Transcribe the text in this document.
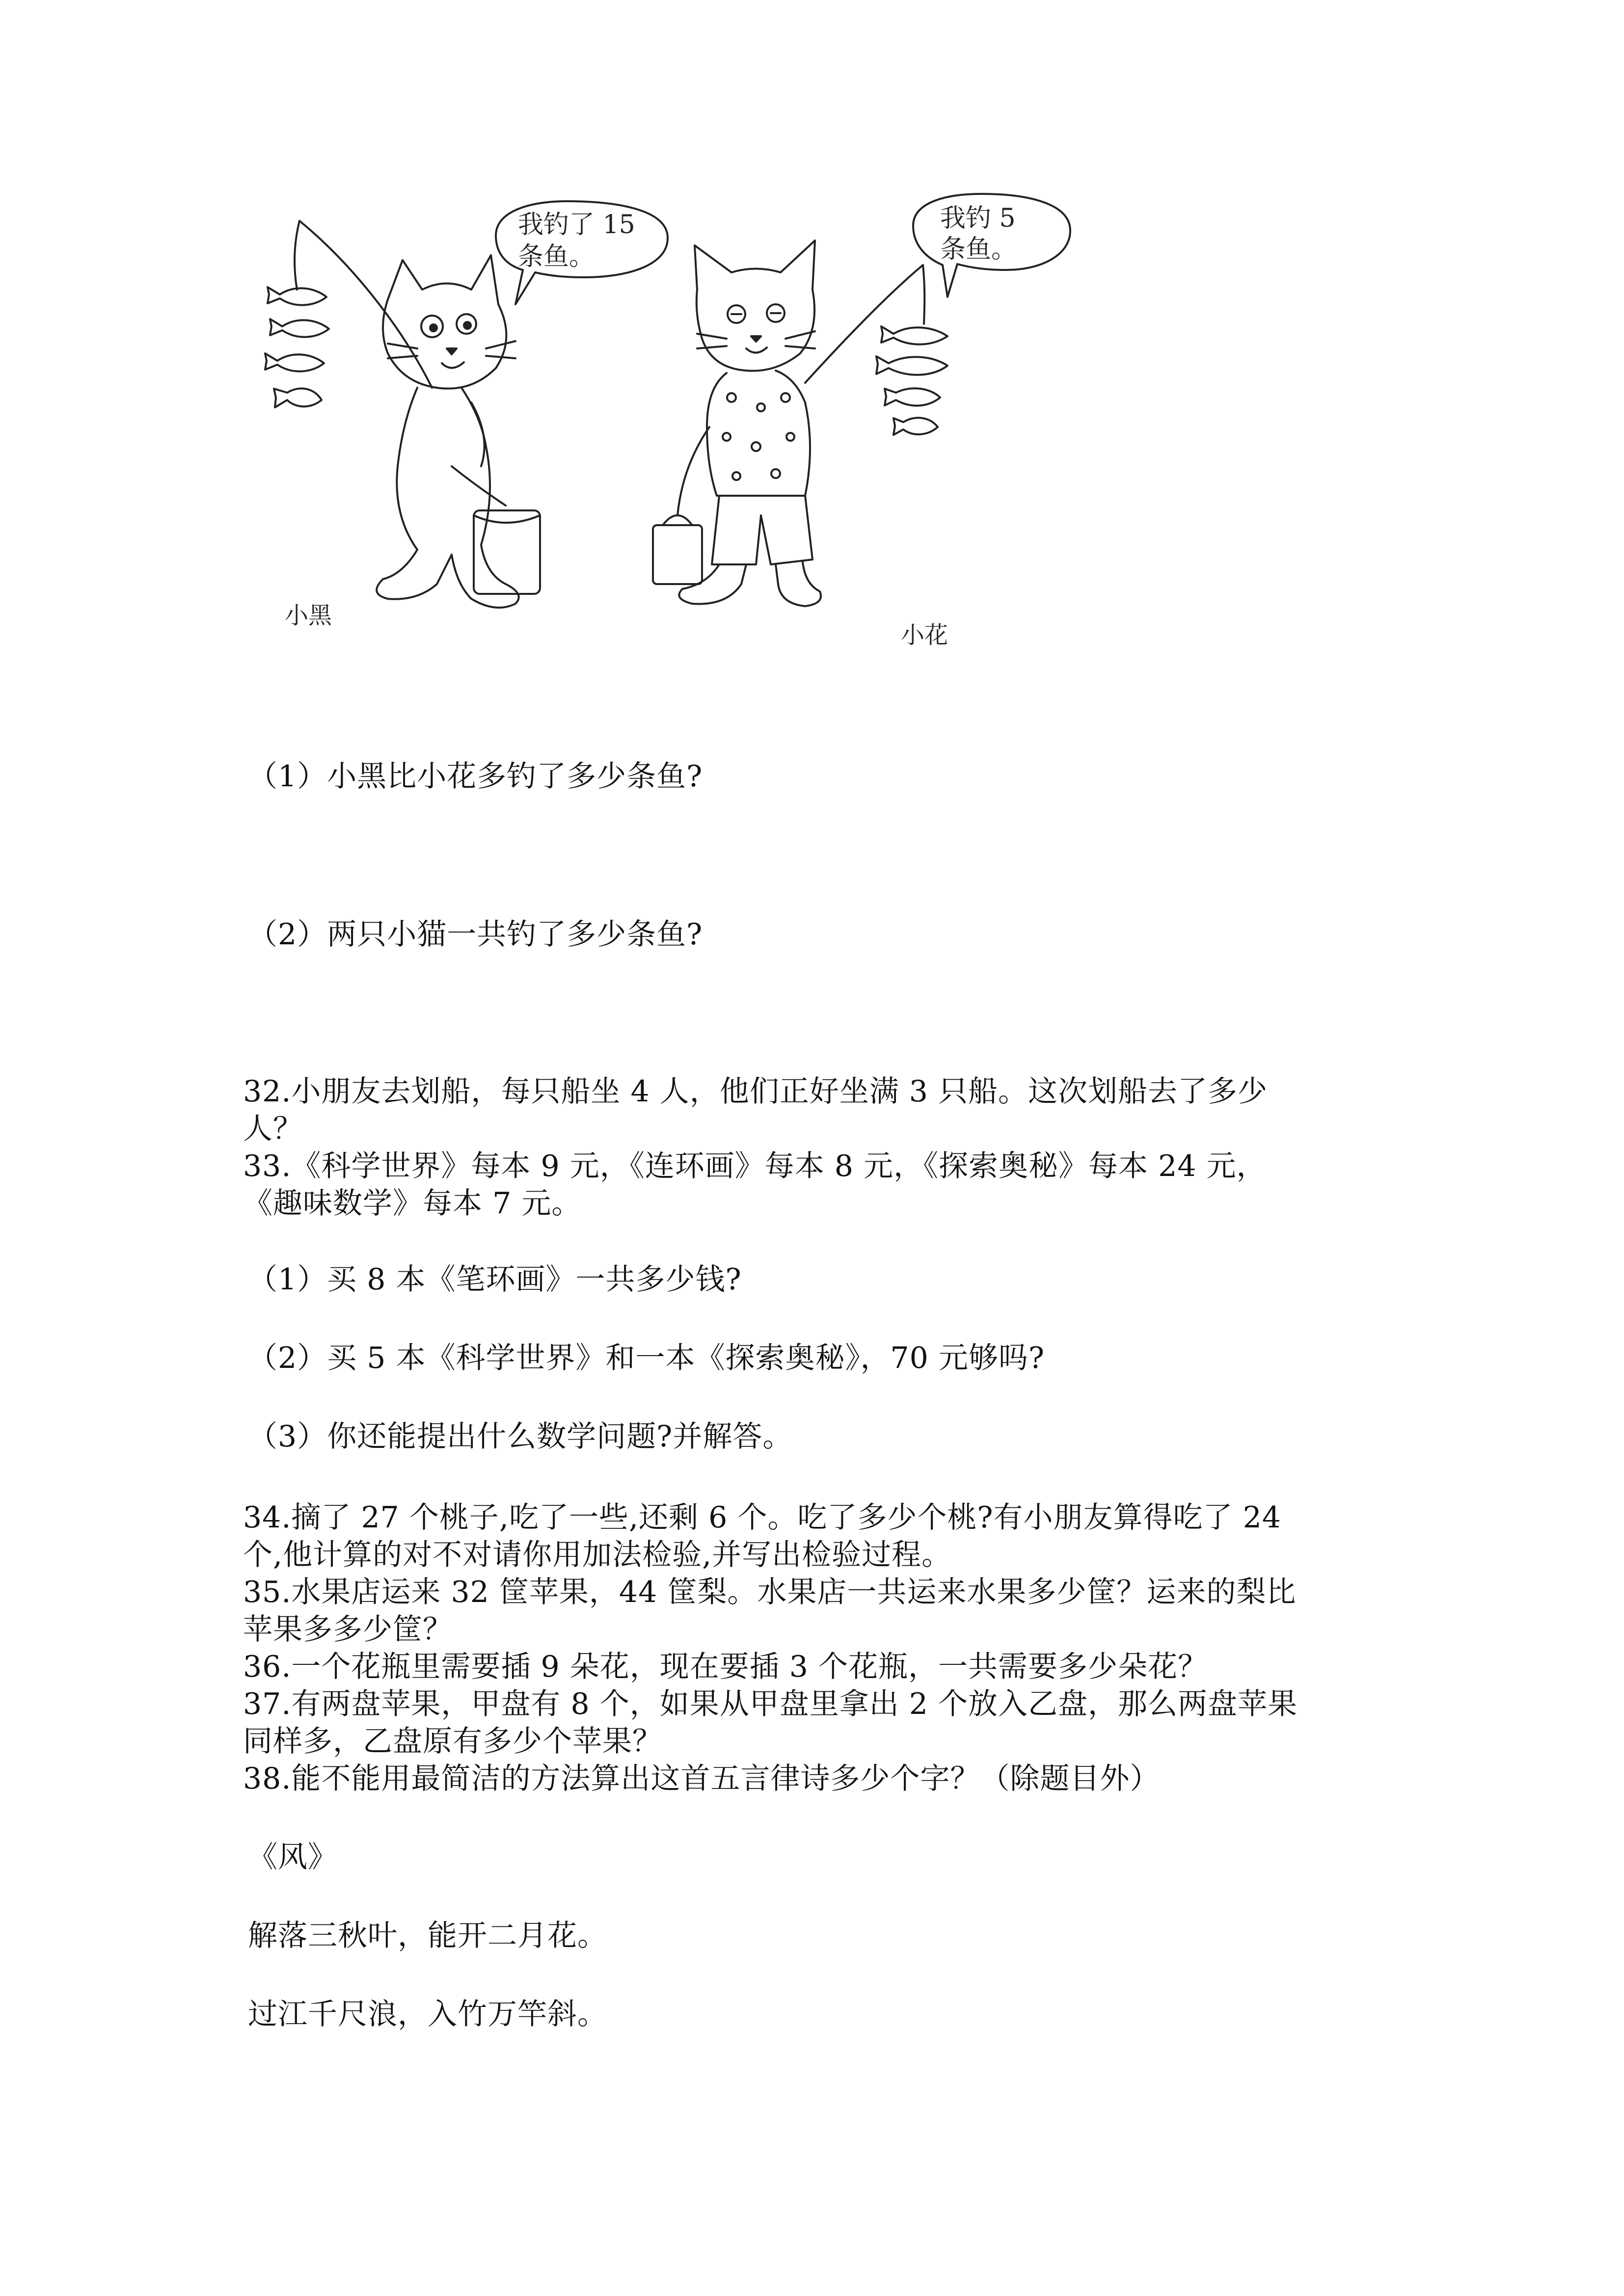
我钓了 15
条鱼。
我钓 5
条鱼。
小黑
小花

（1）小黑比小花多钓了多少条鱼?

（2）两只小猫一共钓了多少条鱼?

32.小朋友去划船，每只船坐 4 人，他们正好坐满 3 只船。这次划船去了多少

人？

33.《科学世界》每本 9 元，《连环画》每本 8 元，《探索奥秘》每本 24 元，

《趣味数学》每本 7 元。

（1）买 8 本《笔环画》一共多少钱?

（2）买 5 本《科学世界》和一本《探索奥秘》，70 元够吗?

（3）你还能提出什么数学问题?并解答。

34.摘了 27 个桃子,吃了一些,还剩 6 个。吃了多少个桃?有小朋友算得吃了 24

个,他计算的对不对请你用加法检验,并写出检验过程。

35.水果店运来 32 筐苹果，44 筐梨。水果店一共运来水果多少筐？运来的梨比

苹果多多少筐？

36.一个花瓶里需要插 9 朵花，现在要插 3 个花瓶，一共需要多少朵花？

37.有两盘苹果，甲盘有 8 个，如果从甲盘里拿出 2 个放入乙盘，那么两盘苹果

同样多，乙盘原有多少个苹果？

38.能不能用最简洁的方法算出这首五言律诗多少个字？（除题目外）

《风》

解落三秋叶，能开二月花。

过江千尺浪，入竹万竿斜。
